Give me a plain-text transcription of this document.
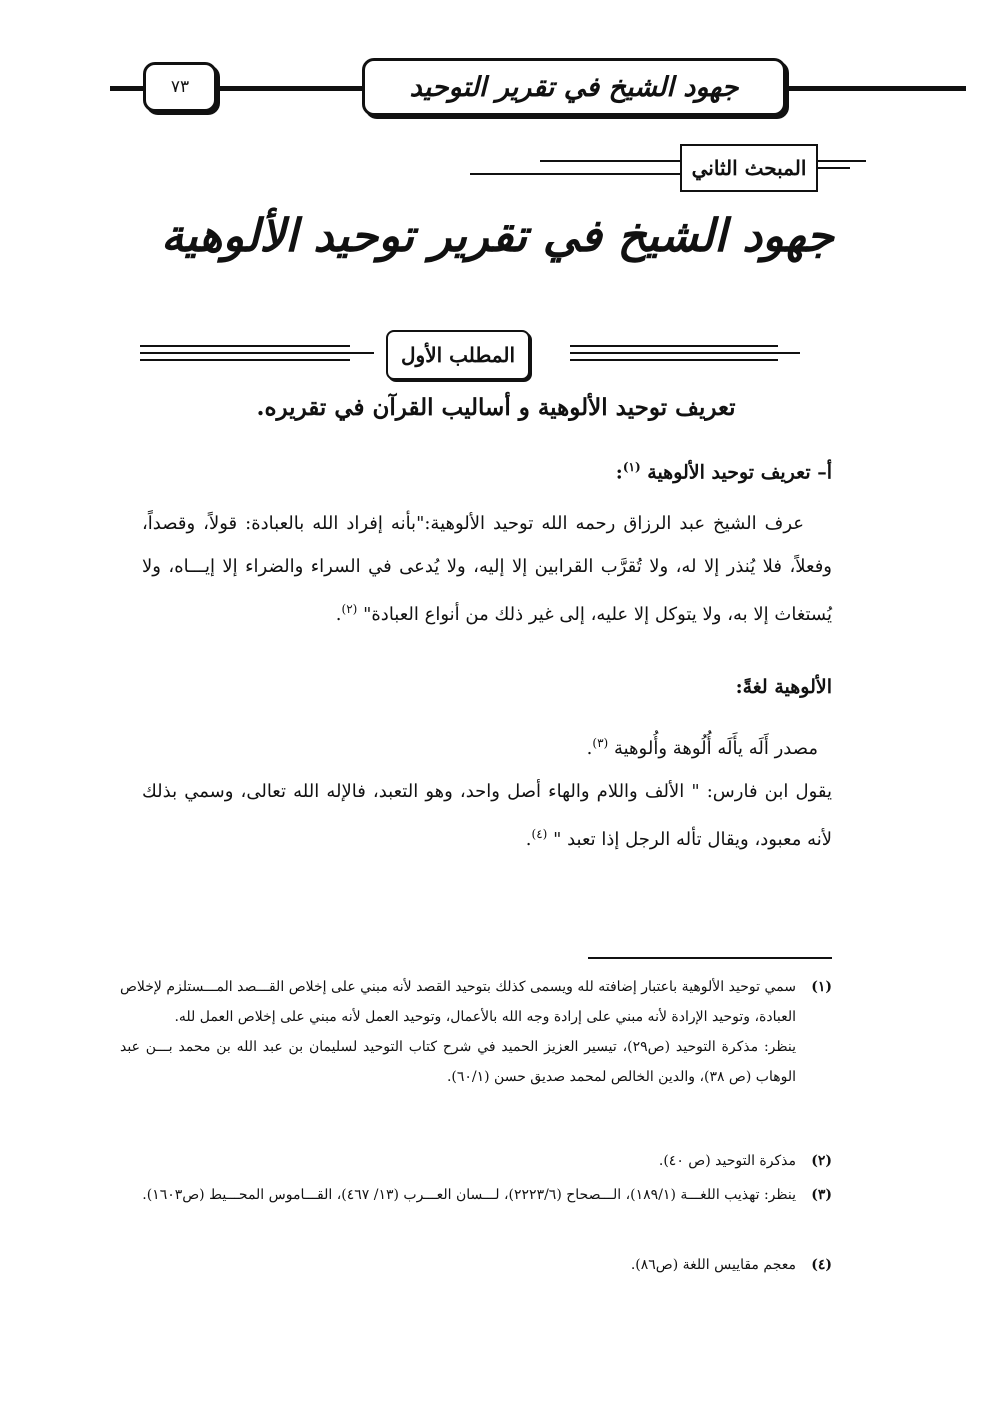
جهود الشيخ في تقرير التوحيد
٧٣
المبحث الثاني
جهود الشيخ في تقرير توحيد الألوهية
المطلب الأول
تعريف توحيد الألوهية و أساليب القرآن في تقريره.
أ– تعريف توحيد الألوهية $^{(١)}$:
عرف الشيخ عبد الرزاق رحمه الله توحيد الألوهية:"بأنه إفراد الله بالعبادة: قولاً، وقصداً، وفعلاً، فلا يُنذر إلا له، ولا تُقرَّب القرابين إلا إليه، ولا يُدعى في السراء والضراء إلا إيـــاه، ولا يُستغاث إلا به، ولا يتوكل إلا عليه، إلى غير ذلك من أنواع العبادة" $^{(٢)}$.
الألوهية لغةً:
مصدر أَلَه يأَلَه أُلُوهة وأُلوهية $^{(٣)}$.
يقول ابن فارس: " الألف واللام والهاء أصل واحد، وهو التعبد، فالإله الله تعالى، وسمي بذلك لأنه معبود، ويقال تأله الرجل إذا تعبد " $^{(٤)}$.
(١)
سمي توحيد الألوهية باعتبار إضافته لله ويسمى كذلك بتوحيد القصد لأنه مبني على إخلاص القـــصد المـــستلزم لإخلاص العبادة، وتوحيد الإرادة لأنه مبني على إرادة وجه الله بالأعمال، وتوحيد العمل لأنه مبني على إخلاص العمل لله.
ينظر: مذكرة التوحيد (ص٢٩)، تيسير العزيز الحميد في شرح كتاب التوحيد لسليمان بن عبد الله بن محمد بـــن عبد الوهاب (ص ٣٨)، والدين الخالص لمحمد صديق حسن (٦٠/١).
(٢)
مذكرة التوحيد (ص ٤٠).
(٣)
ينظر: تهذيب اللغـــة (١٨٩/١)، الـــصحاح (٢٢٢٣/٦)، لـــسان العـــرب (١٣/ ٤٦٧)، القـــاموس المحـــيط (ص١٦٠٣).
(٤)
معجم مقاييس اللغة (ص٨٦).
